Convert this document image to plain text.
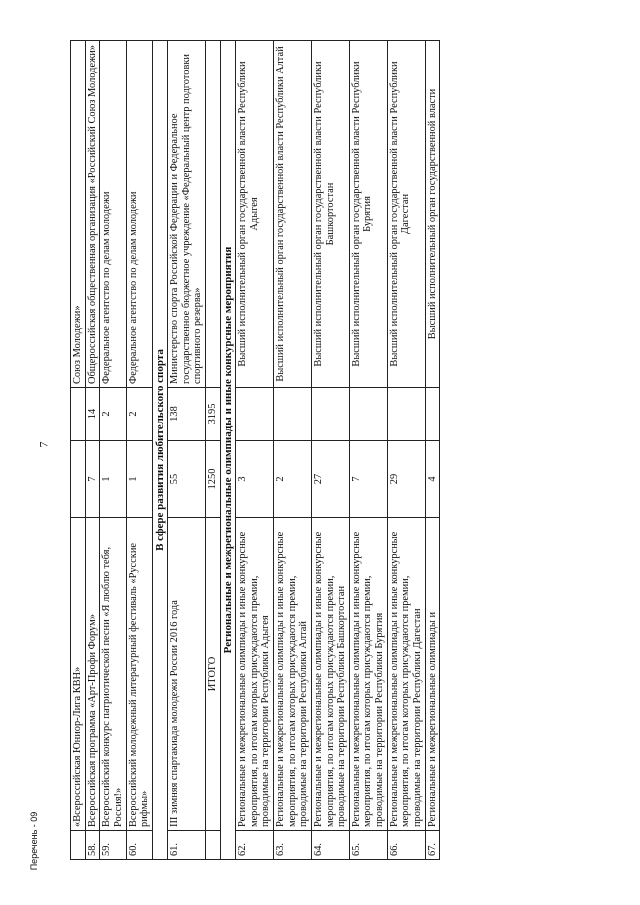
7
Перечень - 09
	«Всероссийская Юниор-Лига КВН»			Союз Молодежи»
58.	Всероссийская программа «Арт-Профи Форум»	7	14	Общероссийская общественная организация «Российский Союз Молодежи»
59.	Всероссийский конкурс патриотической песни «Я люблю тебя, Россия!»	1	2	Федеральное агентство по делам молодежи
60.	Всероссийский молодежный литературный фестиваль «Русские рифмы»	1	2	Федеральное агентство по делам молодежи
В сфере развития любительского спорта				
61.	III зимняя спартакиада молодежи России 2016 года	55	138	Министерство спорта Российской Федерации и Федеральное государственное бюджетное учреждение «Федеральный центр подготовки спортивного резерва»
	ИТОГО	1250	3195	
Региональные и межрегиональные олимпиады и иные конкурсные мероприятия				
62.	Региональные и межрегиональные олимпиады и иные конкурсные мероприятия, по итогам которых присуждаются премии, проводимые на территории Республики Адыгея	3		Высший исполнительный орган государственной власти Республики Адыгея
63.	Региональные и межрегиональные олимпиады и иные конкурсные мероприятия, по итогам которых присуждаются премии, проводимые на территории Республики Алтай	2		Высший исполнительный орган государственной власти Республики Алтай
64.	Региональные и межрегиональные олимпиады и иные конкурсные мероприятия, по итогам которых присуждаются премии, проводимые на территории Республики Башкортостан	27		Высший исполнительный орган государственной власти Республики Башкортостан
65.	Региональные и межрегиональные олимпиады и иные конкурсные мероприятия, по итогам которых присуждаются премии, проводимые на территории Республики Бурятия	7		Высший исполнительный орган государственной власти Республики Бурятия
66.	Региональные и межрегиональные олимпиады и иные конкурсные мероприятия, по итогам которых присуждаются премии, проводимые на территории Республики Дагестан	29		Высший исполнительный орган государственной власти Республики Дагестан
67.	Региональные и межрегиональные олимпиады и	4		Высший исполнительный орган государственной власти
